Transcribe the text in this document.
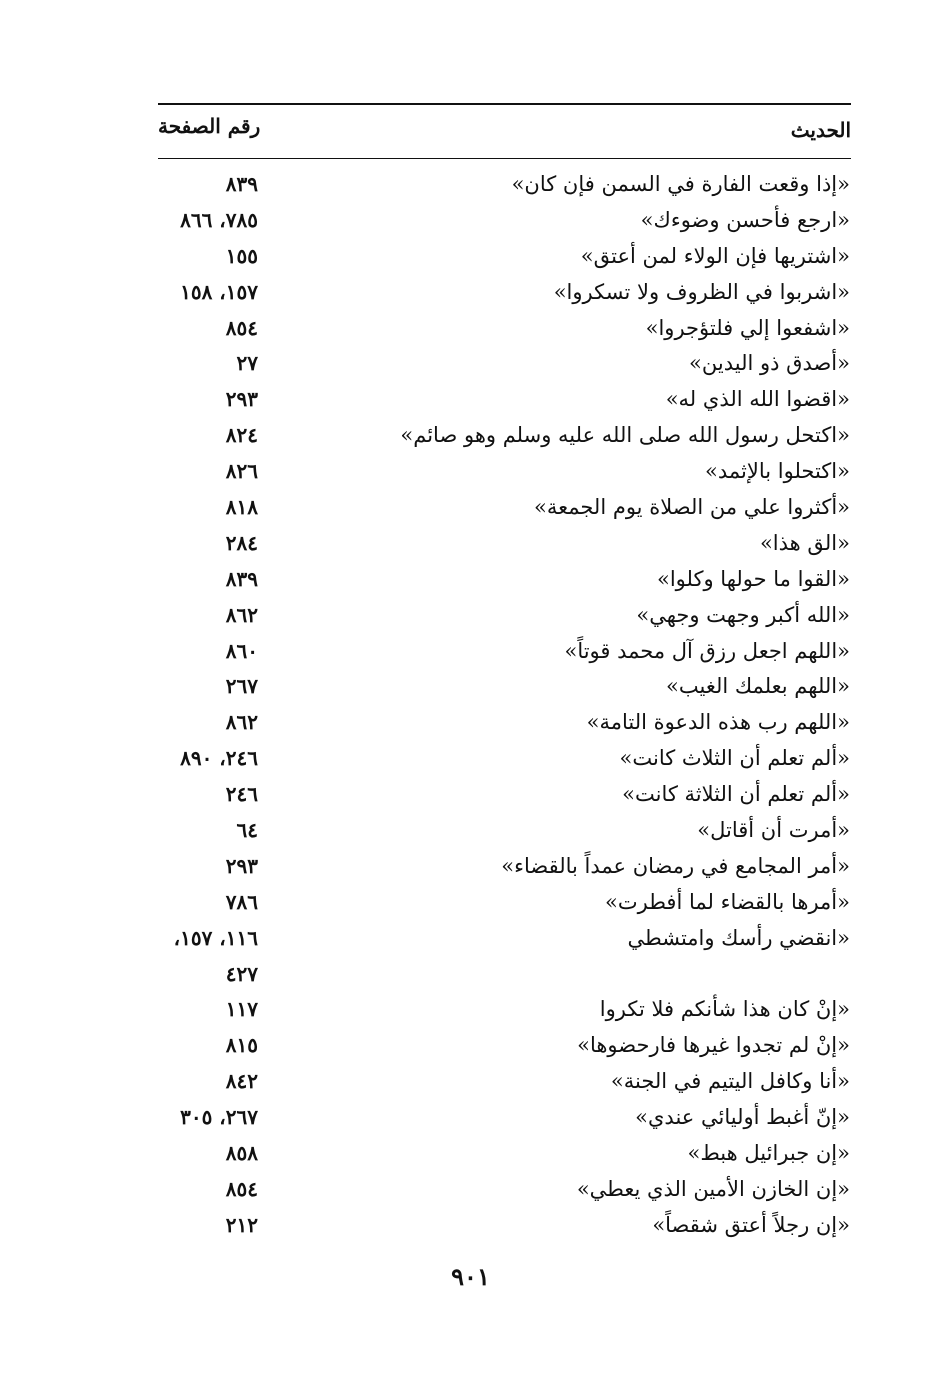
الحديث
رقم الصفحة
«إذا وقعت الفارة في السمن فإن كان»
٨٣٩
«ارجع فأحسن وضوءك»
٧٨٥، ٨٦٦
«اشتريها فإن الولاء لمن أعتق»
١٥٥
«اشربوا في الظروف ولا تسكروا»
١٥٧، ١٥٨
«اشفعوا إلي فلتؤجروا»
٨٥٤
«أصدق ذو اليدين»
٢٧
«اقضوا الله الذي له»
٢٩٣
«اكتحل رسول الله صلى الله عليه وسلم وهو صائم»
٨٢٤
«اكتحلوا بالإثمد»
٨٢٦
«أكثروا علي من الصلاة يوم الجمعة»
٨١٨
«الق هذا»
٢٨٤
«القوا ما حولها وكلوا»
٨٣٩
«الله أكبر وجهت وجهي»
٨٦٢
«اللهم اجعل رزق آل محمد قوتاً»
٨٦٠
«اللهم بعلمك الغيب»
٢٦٧
«اللهم رب هذه الدعوة التامة»
٨٦٢
«ألم تعلم أن الثلاث كانت»
٢٤٦، ٨٩٠
«ألم تعلم أن الثلاثة كانت»
٢٤٦
«أمرت أن أقاتل»
٦٤
«أمر المجامع في رمضان عمداً بالقضاء»
٢٩٣
«أمرها بالقضاء لما أفطرت»
٧٨٦
«انقضي رأسك وامتشطي
١١٦، ١٥٧،
٤٢٧
«إنْ كان هذا شأنكم فلا تكروا
١١٧
«إنْ لم تجدوا غيرها فارحضوها»
٨١٥
«أنا وكافل اليتيم في الجنة»
٨٤٢
«إنّ أغبط أوليائي عندي»
٢٦٧، ٣٠٥
«إن جبرائيل هبط»
٨٥٨
«إن الخازن الأمين الذي يعطي»
٨٥٤
«إن رجلاً أعتق شقصاً»
٢١٢
٩٠١
